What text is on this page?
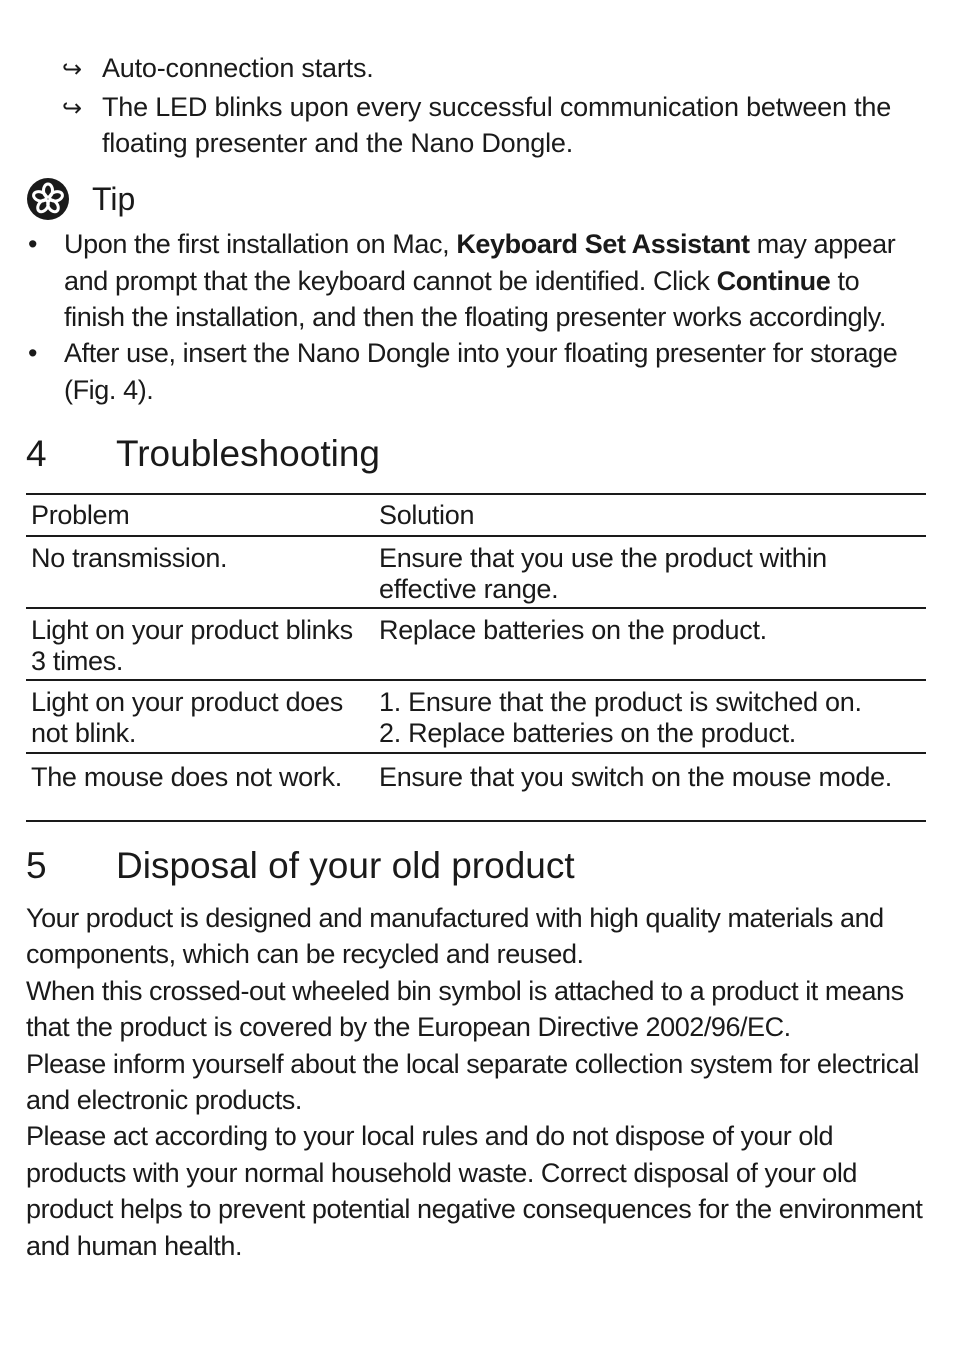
↪ Auto-connection starts.
↪ The LED blinks upon every successful communication between the floating presenter and the Nano Dongle.
Tip
• Upon the first installation on Mac, Keyboard Set Assistant may appear and prompt that the keyboard cannot be identified. Click Continue to finish the installation, and then the floating presenter works accordingly.
• After use, insert the Nano Dongle into your floating presenter for storage (Fig. 4).
4 Troubleshooting
Problem	Solution
No transmission.	Ensure that you use the product within effective range.
Light on your product blinks 3 times.	Replace batteries on the product.
Light on your product does not blink.	1. Ensure that the product is switched on.
2. Replace batteries on the product.

The mouse does not work.	Ensure that you switch on the mouse mode.
5 Disposal of your old product

Your product is designed and manufactured with high quality materials and components, which can be recycled and reused.

When this crossed-out wheeled bin symbol is attached to a product it means that the product is covered by the European Directive 2002/96/EC.

Please inform yourself about the local separate collection system for electrical and electronic products.

Please act according to your local rules and do not dispose of your old products with your normal household waste. Correct disposal of your old product helps to prevent potential negative consequences for the environment and human health.
